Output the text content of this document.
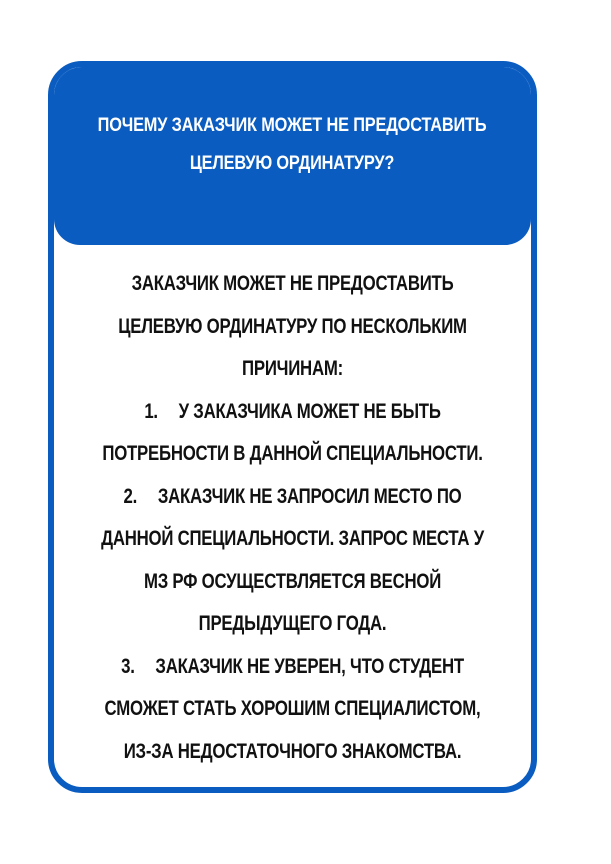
ПОЧЕМУ ЗАКАЗЧИК МОЖЕТ НЕ ПРЕДОСТАВИТЬ
ЦЕЛЕВУЮ ОРДИНАТУРУ?
ЗАКАЗЧИК МОЖЕТ НЕ ПРЕДОСТАВИТЬ
ЦЕЛЕВУЮ ОРДИНАТУРУ ПО НЕСКОЛЬКИМ
ПРИЧИНАМ:
1. У ЗАКАЗЧИКА МОЖЕТ НЕ БЫТЬ
ПОТРЕБНОСТИ В ДАННОЙ СПЕЦИАЛЬНОСТИ.
2. ЗАКАЗЧИК НЕ ЗАПРОСИЛ МЕСТО ПО
ДАННОЙ СПЕЦИАЛЬНОСТИ. ЗАПРОС МЕСТА У
МЗ РФ ОСУЩЕСТВЛЯЕТСЯ ВЕСНОЙ
ПРЕДЫДУЩЕГО ГОДА.
3. ЗАКАЗЧИК НЕ УВЕРЕН, ЧТО СТУДЕНТ
СМОЖЕТ СТАТЬ ХОРОШИМ СПЕЦИАЛИСТОМ,
ИЗ-ЗА НЕДОСТАТОЧНОГО ЗНАКОМСТВА.
